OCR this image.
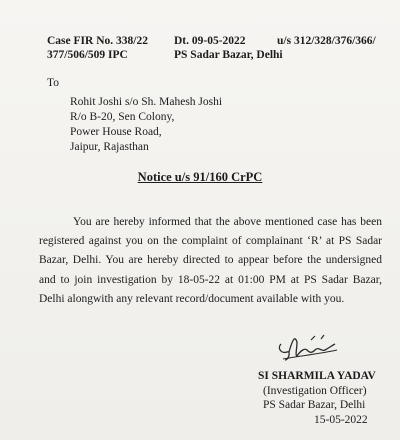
Case FIR No. 338/22
377/506/509 IPC
Dt. 09-05-2022
PS Sadar Bazar, Delhi
u/s 312/328/376/366/
To
Rohit Joshi s/o Sh. Mahesh Joshi
R/o B-20, Sen Colony,
Power House Road,
Jaipur, Rajasthan
Notice u/s 91/160 CrPC
You are hereby informed that the above mentioned case has been registered against you on the complaint of complainant ‘R’ at PS Sadar Bazar, Delhi. You are hereby directed to appear before the undersigned and to join investigation by 18-05-22 at 01:00 PM at PS Sadar Bazar, Delhi alongwith any relevant record/document available with you.
SI SHARMILA YADAV
(Investigation Officer)
PS Sadar Bazar, Delhi
15-05-2022
